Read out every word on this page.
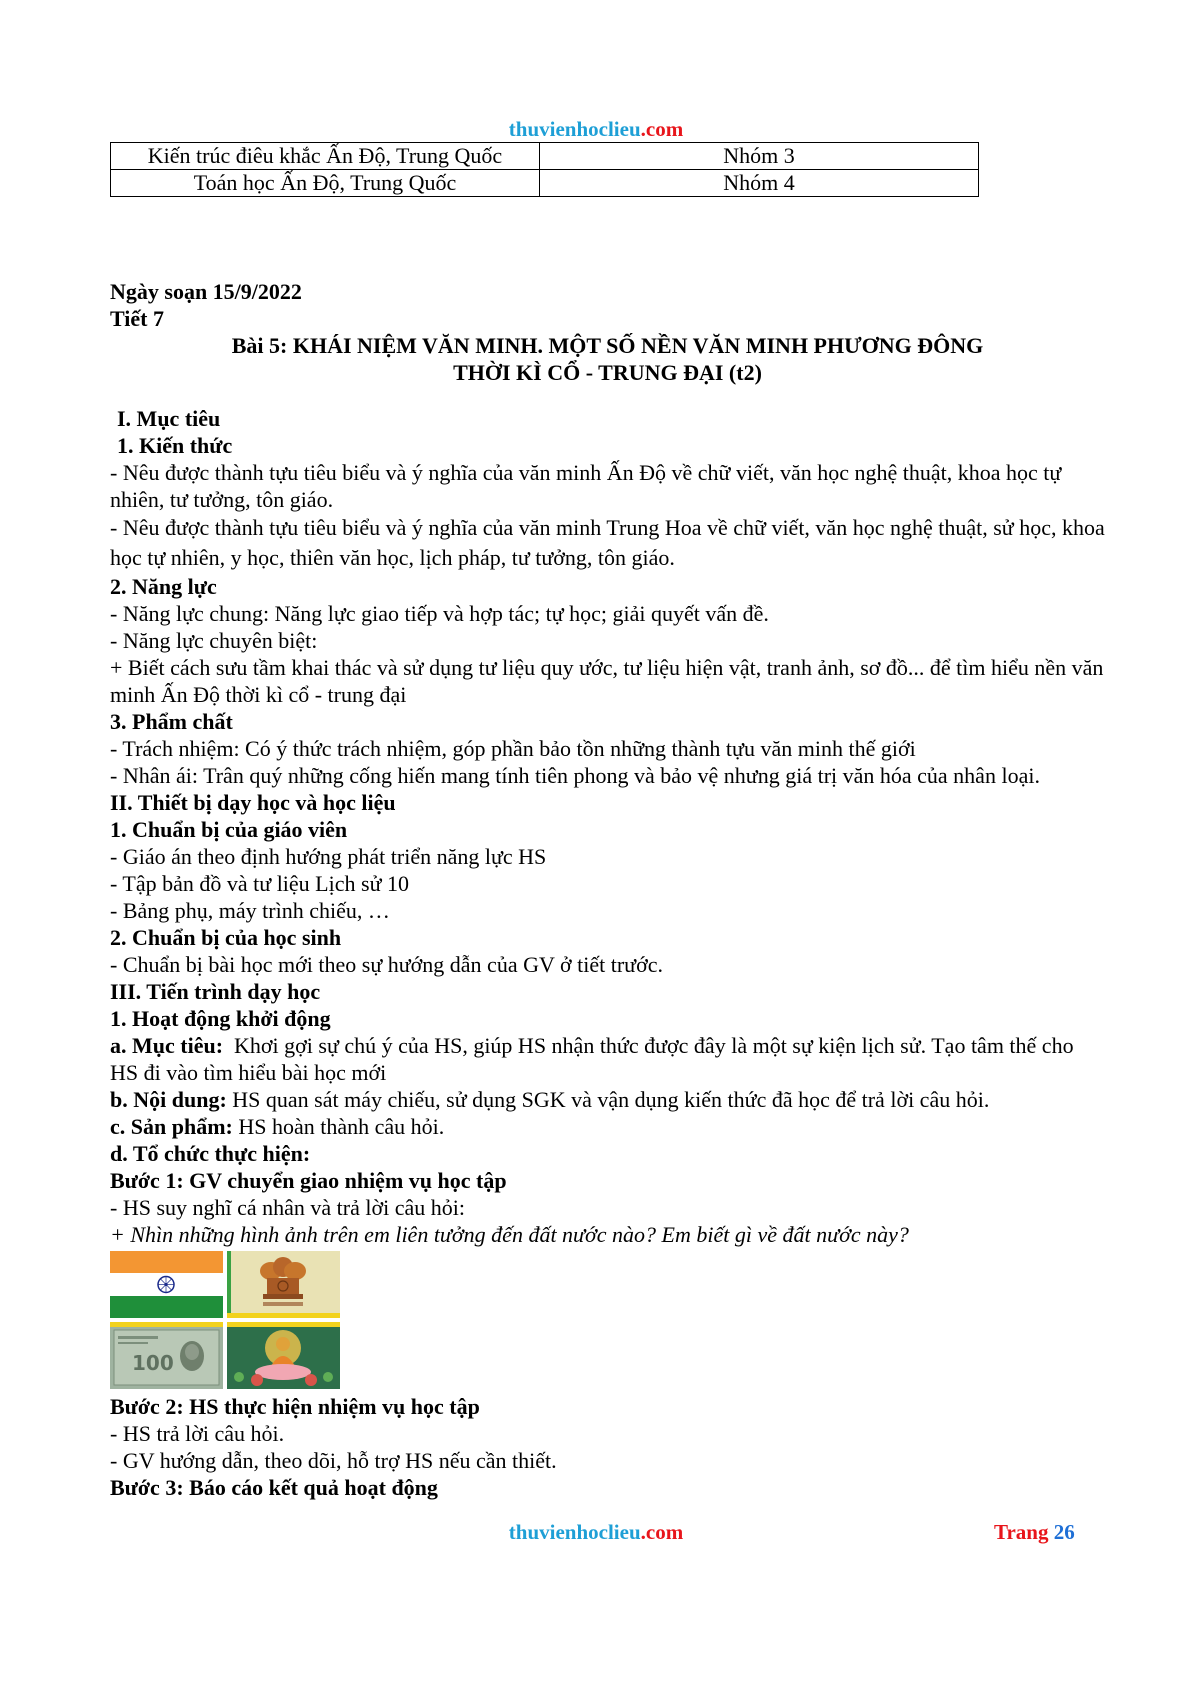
thuvienhoclieu.com
Kiến trúc điêu khắc Ấn Độ, Trung Quốc	Nhóm 3
Toán học Ấn Độ, Trung Quốc	Nhóm 4

Ngày soạn 15/9/2022

Tiết 7

Bài 5: KHÁI NIỆM VĂN MINH. MỘT SỐ NỀN VĂN MINH PHƯƠNG ĐÔNG

THỜI KÌ CỔ - TRUNG ĐẠI (t2)

I. Mục tiêu

1. Kiến thức

- Nêu được thành tựu tiêu biểu và ý nghĩa của văn minh Ấn Độ về chữ viết, văn học nghệ thuật, khoa học tự nhiên, tư tưởng, tôn giáo.

- Nêu được thành tựu tiêu biểu và ý nghĩa của văn minh Trung Hoa về chữ viết, văn học nghệ thuật, sử học, khoa học tự nhiên, y học, thiên văn học, lịch pháp, tư tưởng, tôn giáo.

2. Năng lực

- Năng lực chung: Năng lực giao tiếp và hợp tác; tự học; giải quyết vấn đề.

- Năng lực chuyên biệt:

+ Biết cách sưu tầm khai thác và sử dụng tư liệu quy ước, tư liệu hiện vật, tranh ảnh, sơ đồ... để tìm hiểu nền văn minh Ấn Độ thời kì cổ - trung đại

3. Phẩm chất

- Trách nhiệm: Có ý thức trách nhiệm, góp phần bảo tồn những thành tựu văn minh thế giới

- Nhân ái: Trân quý những cống hiến mang tính tiên phong và bảo vệ nhưng giá trị văn hóa của nhân loại.

II. Thiết bị dạy học và học liệu

1. Chuẩn bị của giáo viên

- Giáo án theo định hướng phát triển năng lực HS

- Tập bản đồ và tư liệu Lịch sử 10

- Bảng phụ, máy trình chiếu, …

2. Chuẩn bị của học sinh

- Chuẩn bị bài học mới theo sự hướng dẫn của GV ở tiết trước.

III. Tiến trình dạy học

1. Hoạt động khởi động

a. Mục tiêu:  Khơi gợi sự chú ý của HS, giúp HS nhận thức được đây là một sự kiện lịch sử. Tạo tâm thế cho HS đi vào tìm hiểu bài học mới

b. Nội dung: HS quan sát máy chiếu, sử dụng SGK và vận dụng kiến thức đã học để trả lời câu hỏi.

c. Sản phẩm: HS hoàn thành câu hỏi.

d. Tổ chức thực hiện:

Bước 1: GV chuyển giao nhiệm vụ học tập

- HS suy nghĩ cá nhân và trả lời câu hỏi:

+ Nhìn những hình ảnh trên em liên tưởng đến đất nước nào? Em biết gì về đất nước này?

100

Bước 2: HS thực hiện nhiệm vụ học tập

- HS trả lời câu hỏi.

- GV hướng dẫn, theo dõi, hỗ trợ HS nếu cần thiết.

Bước 3: Báo cáo kết quả hoạt động

thuvienhoclieu.com	Trang 26
